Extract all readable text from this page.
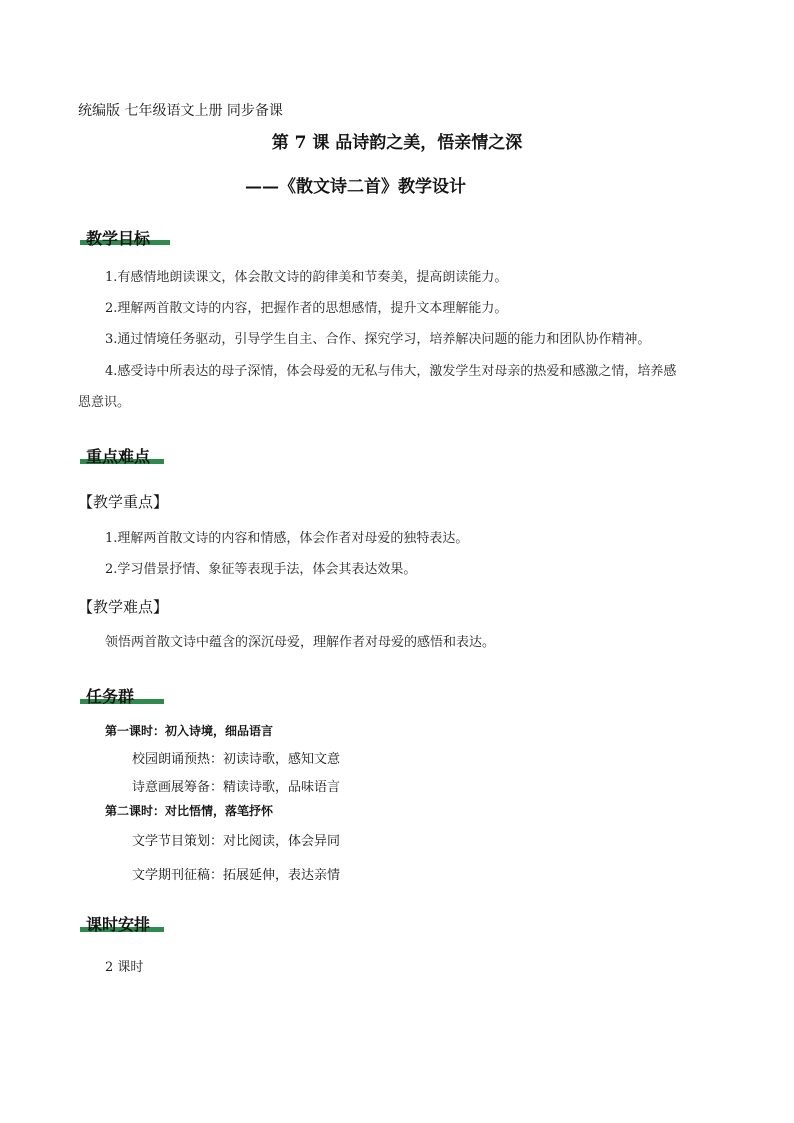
统编版 七年级语文上册 同步备课
第 7 课 品诗韵之美，悟亲情之深
——《散文诗二首》教学设计
教学目标
1.有感情地朗读课文，体会散文诗的韵律美和节奏美，提高朗读能力。
2.理解两首散文诗的内容，把握作者的思想感情，提升文本理解能力。
3.通过情境任务驱动，引导学生自主、合作、探究学习，培养解决问题的能力和团队协作精神。
4.感受诗中所表达的母子深情，体会母爱的无私与伟大，激发学生对母亲的热爱和感激之情，培养感
恩意识。
重点难点
【教学重点】
1.理解两首散文诗的内容和情感，体会作者对母爱的独特表达。
2.学习借景抒情、象征等表现手法，体会其表达效果。
【教学难点】
领悟两首散文诗中蕴含的深沉母爱，理解作者对母爱的感悟和表达。
任务群
第一课时：初入诗境，细品语言
校园朗诵预热：初读诗歌，感知文意
诗意画展筹备：精读诗歌，品味语言
第二课时：对比悟情，落笔抒怀
文学节目策划：对比阅读，体会异同
文学期刊征稿：拓展延伸，表达亲情
课时安排
2 课时
